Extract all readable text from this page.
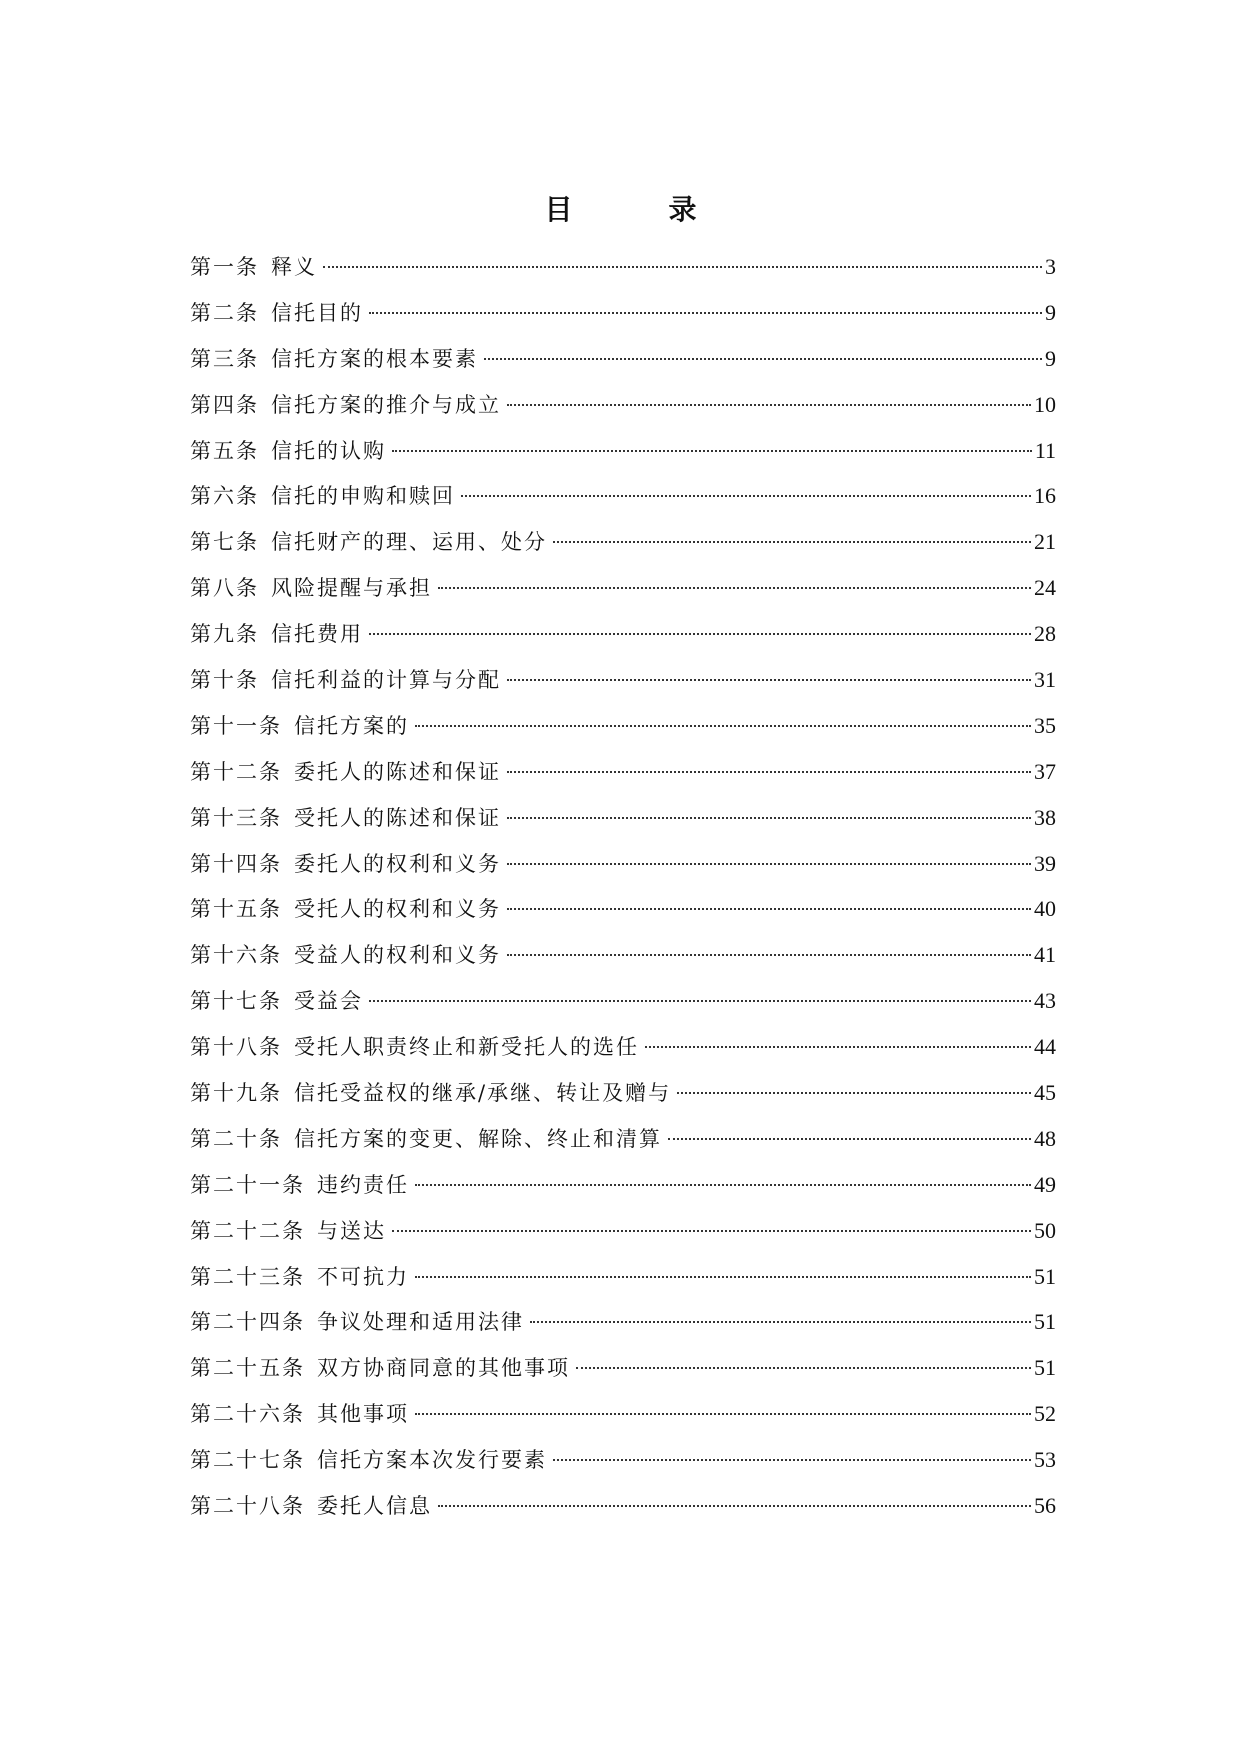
目　录
第一条 释义	3
第二条 信托目的	9
第三条 信托方案的根本要素	9
第四条 信托方案的推介与成立	10
第五条 信托的认购	11
第六条 信托的申购和赎回	16
第七条 信托财产的理、运用、处分	21
第八条 风险提醒与承担	24
第九条 信托费用	28
第十条 信托利益的计算与分配	31
第十一条 信托方案的	35
第十二条 委托人的陈述和保证	37
第十三条 受托人的陈述和保证	38
第十四条 委托人的权利和义务	39
第十五条 受托人的权利和义务	40
第十六条 受益人的权利和义务	41
第十七条 受益会	43
第十八条 受托人职责终止和新受托人的选任	44
第十九条 信托受益权的继承/承继、转让及赠与	45
第二十条 信托方案的变更、解除、终止和清算	48
第二十一条 违约责任	49
第二十二条 与送达	50
第二十三条 不可抗力	51
第二十四条 争议处理和适用法律	51
第二十五条 双方协商同意的其他事项	51
第二十六条 其他事项	52
第二十七条 信托方案本次发行要素	53
第二十八条 委托人信息	56
